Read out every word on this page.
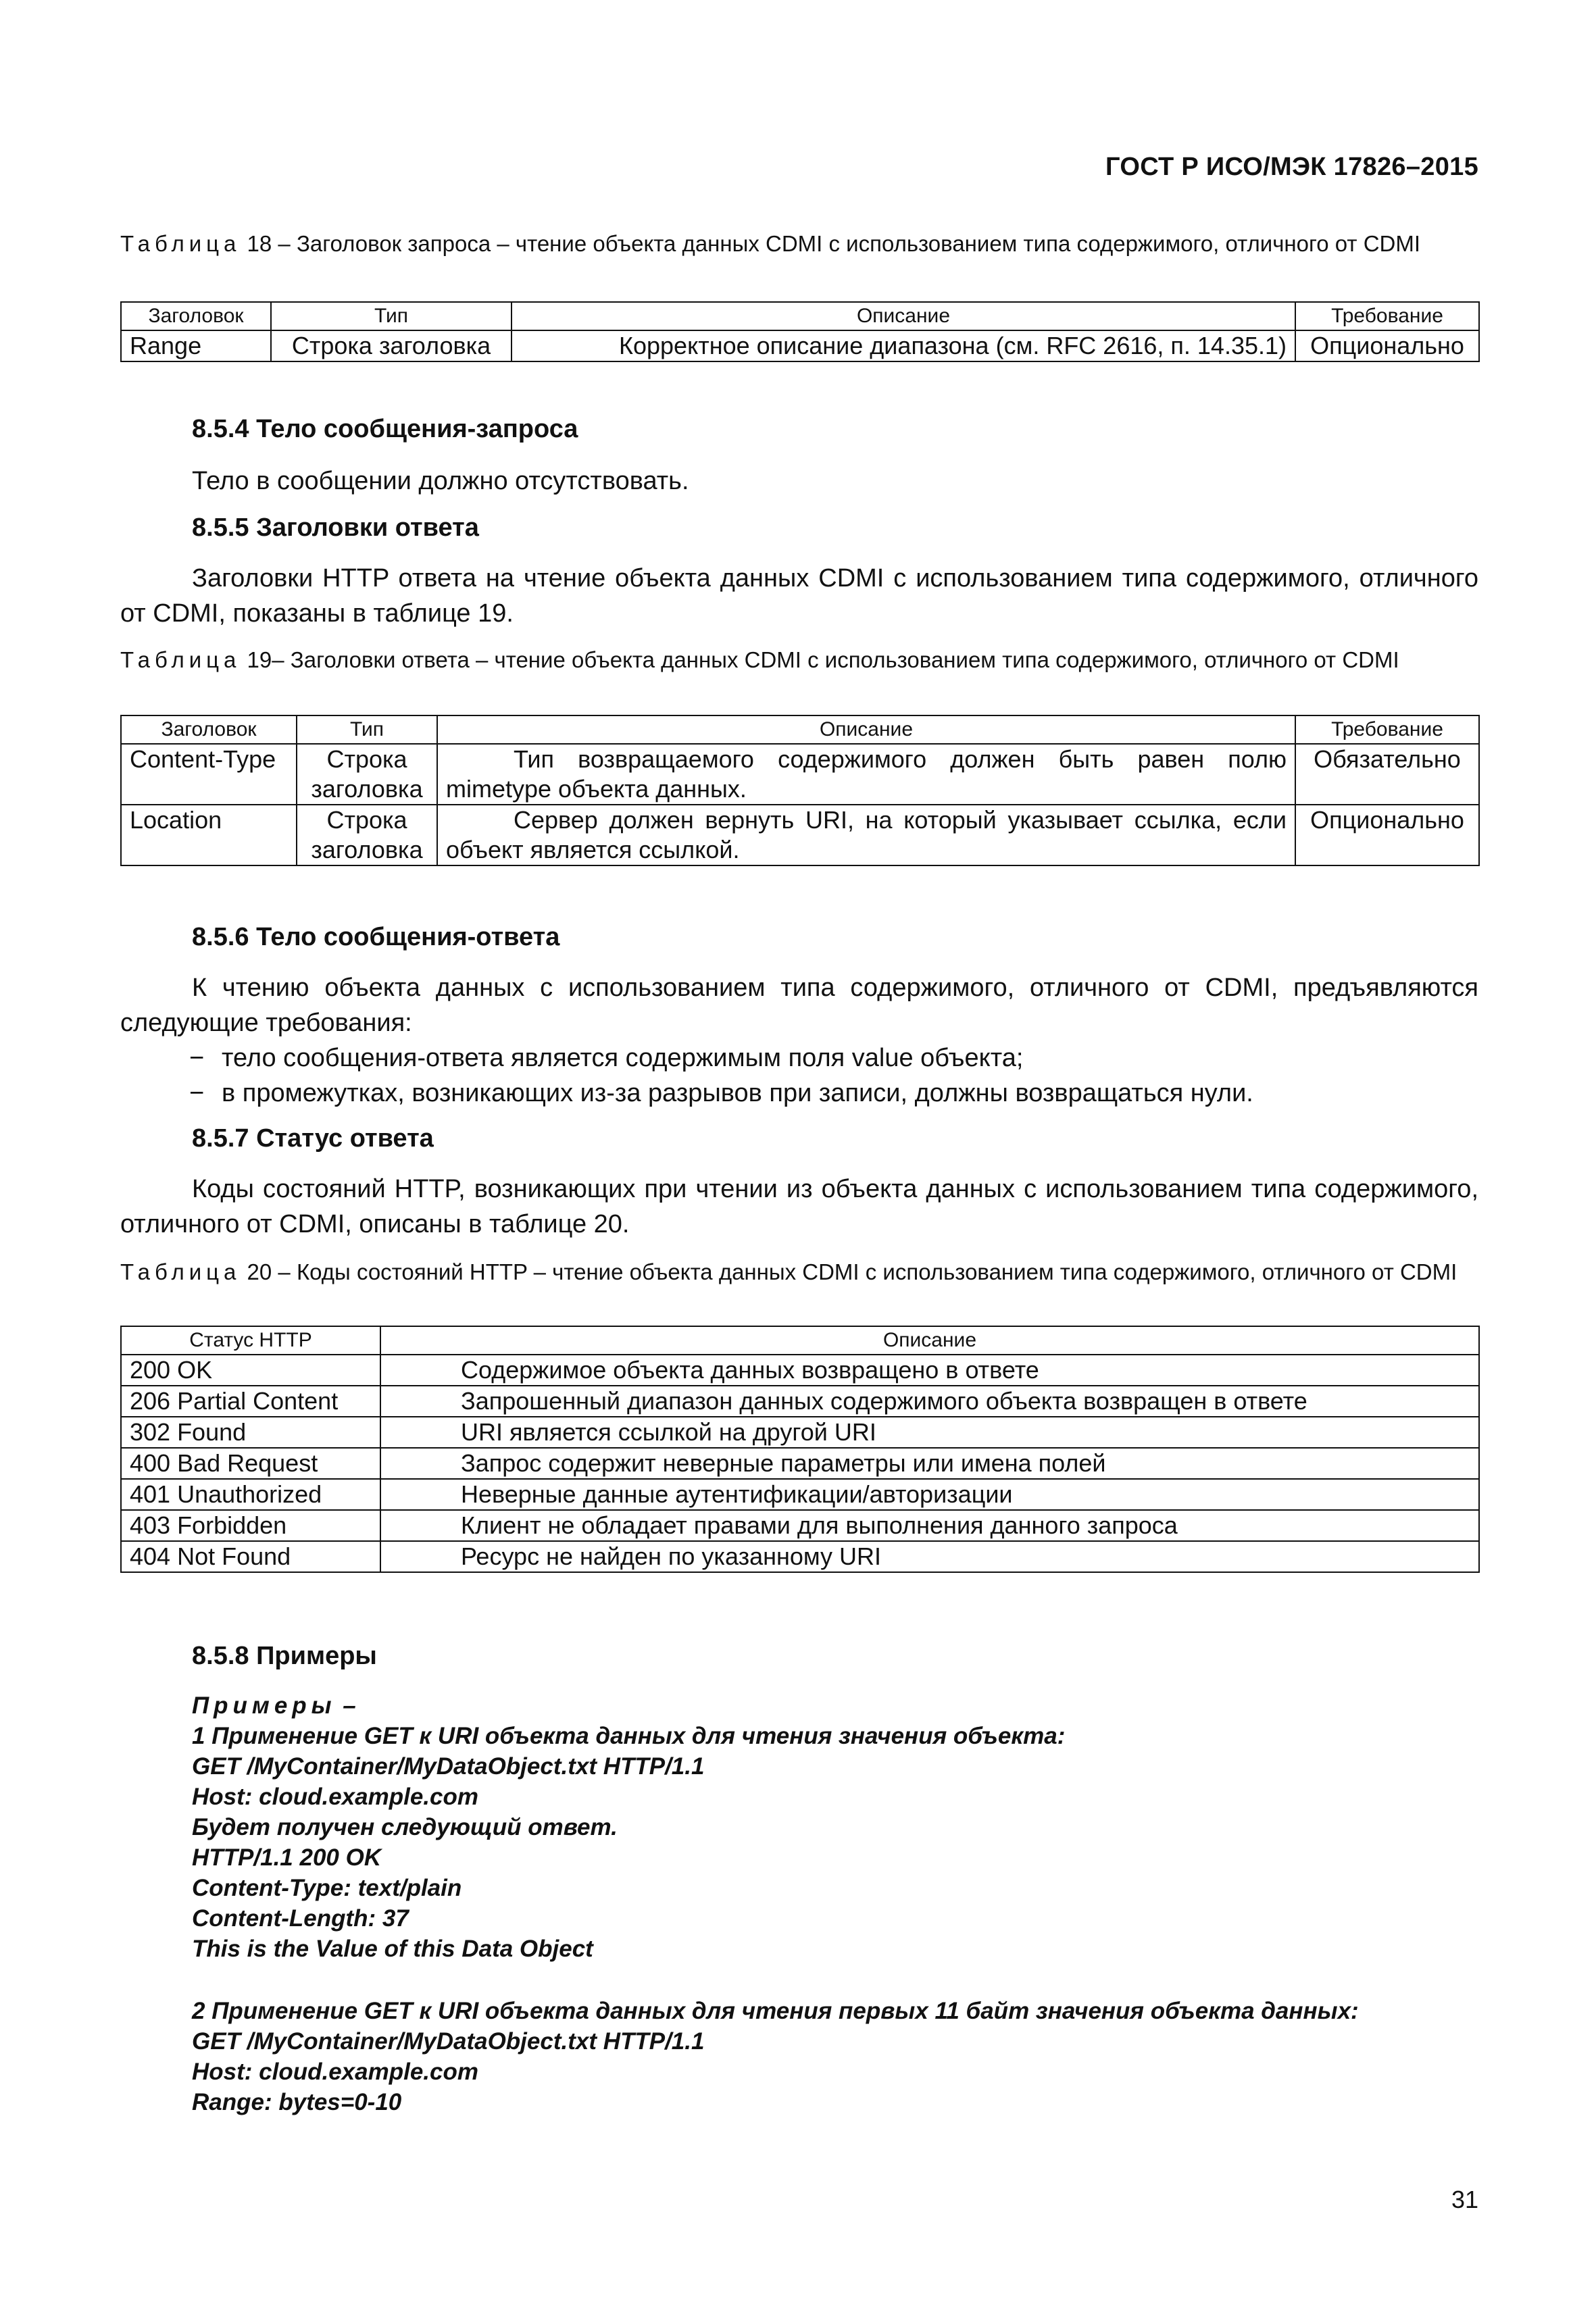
ГОСТ Р ИСО/МЭК 17826–2015
Таблица 18 – Заголовок запроса – чтение объекта данных CDMI с использованием типа содержимого, отличного от CDMI
Заголовок	Тип	Описание	Требование
Range	Строка заголовка	Корректное описание диапазона (см. RFC 2616, п. 14.35.1)	Опционально
8.5.4 Тело сообщения-запроса
Тело в сообщении должно отсутствовать.
8.5.5 Заголовки ответа
Заголовки HTTP ответа на чтение объекта данных CDMI с использованием типа содержимого, отличного от CDMI, показаны в таблице 19.
Таблица 19– Заголовки ответа – чтение объекта данных CDMI с использованием типа содержимого, отличного от CDMI
Заголовок	Тип	Описание	Требование
Content-Type	Строка заголовка	Тип возвращаемого содержимого должен быть равен полю mimetype объекта данных.	Обязательно
Location	Строка заголовка	Сервер должен вернуть URI, на который указывает ссылка, если объект является ссылкой.	Опционально
8.5.6 Тело сообщения-ответа
К чтению объекта данных с использованием типа содержимого, отличного от CDMI, предъявляются следующие требования:
− тело сообщения-ответа является содержимым поля value объекта;
− в промежутках, возникающих из-за разрывов при записи, должны возвращаться нули.
8.5.7 Статус ответа
Коды состояний HTTP, возникающих при чтении из объекта данных с использованием типа содержимого, отличного от CDMI, описаны в таблице 20.
Таблица 20 – Коды состояний HTTP – чтение объекта данных CDMI с использованием типа содержимого, отличного от CDMI
Статус HTTP	Описание
200 OK	Содержимое объекта данных возвращено в ответе
206 Partial Content	Запрошенный диапазон данных содержимого объекта возвращен в ответе
302 Found	URI является ссылкой на другой URI
400 Bad Request	Запрос содержит неверные параметры или имена полей
401 Unauthorized	Неверные данные аутентификации/авторизации
403 Forbidden	Клиент не обладает правами для выполнения данного запроса
404 Not Found	Ресурс не найден по указанному URI
8.5.8 Примеры
Примеры –
1 Применение GET к URI объекта данных для чтения значения объекта:
GET /MyContainer/MyDataObject.txt HTTP/1.1
Host: cloud.example.com
Будет получен следующий ответ.
HTTP/1.1 200 OK
Content-Type: text/plain
Content-Length: 37
This is the Value of this Data Object
2 Применение GET к URI объекта данных для чтения первых 11 байт значения объекта данных:
GET /MyContainer/MyDataObject.txt HTTP/1.1
Host: cloud.example.com
Range: bytes=0-10
31
